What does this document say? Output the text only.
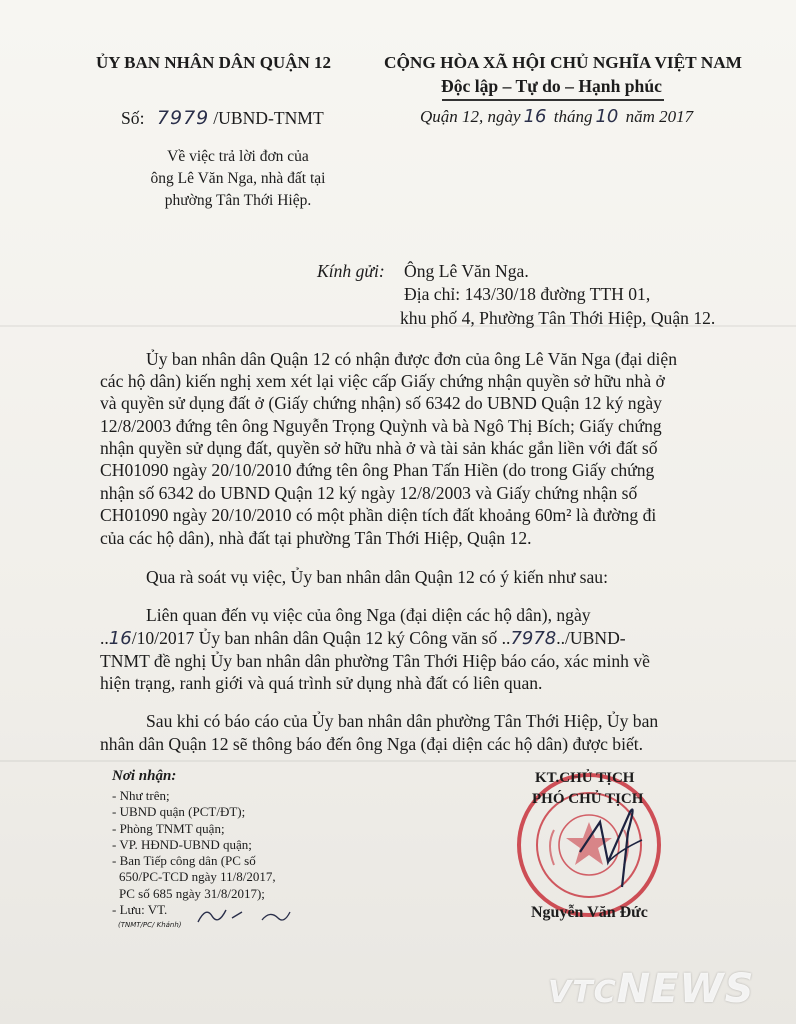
ỦY BAN NHÂN DÂN QUẬN 12
Số: 7979 /UBND-TNMT
Về việc trả lời đơn của
ông Lê Văn Nga, nhà đất tại
phường Tân Thới Hiệp.
CỘNG HÒA XÃ HỘI CHỦ NGHĨA VIỆT NAM
Độc lập – Tự do – Hạnh phúc
Quận 12, ngày 16 tháng 10 năm 2017
Kính gửi: Ông Lê Văn Nga.
Địa chỉ: 143/30/18 đường TTH 01,
khu phố 4, Phường Tân Thới Hiệp, Quận 12.
Ủy ban nhân dân Quận 12 có nhận được đơn của ông Lê Văn Nga (đại diện
các hộ dân) kiến nghị xem xét lại việc cấp Giấy chứng nhận quyền sở hữu nhà ở
và quyền sử dụng đất ở (Giấy chứng nhận) số 6342 do UBND Quận 12 ký ngày
12/8/2003 đứng tên ông Nguyễn Trọng Quỳnh và bà Ngô Thị Bích; Giấy chứng
nhận quyền sử dụng đất, quyền sở hữu nhà ở và tài sản khác gắn liền với đất số
CH01090 ngày 20/10/2010 đứng tên ông Phan Tấn Hiền (do trong Giấy chứng
nhận số 6342 do UBND Quận 12 ký ngày 12/8/2003 và Giấy chứng nhận số
CH01090 ngày 20/10/2010 có một phần diện tích đất khoảng 60m² là đường đi
của các hộ dân), nhà đất tại phường Tân Thới Hiệp, Quận 12.
Qua rà soát vụ việc, Ủy ban nhân dân Quận 12 có ý kiến như sau:
Liên quan đến vụ việc của ông Nga (đại diện các hộ dân), ngày
..16/10/2017 Ủy ban nhân dân Quận 12 ký Công văn số ..7978../UBND-
TNMT đề nghị Ủy ban nhân dân phường Tân Thới Hiệp báo cáo, xác minh về
hiện trạng, ranh giới và quá trình sử dụng nhà đất có liên quan.
Sau khi có báo cáo của Ủy ban nhân dân phường Tân Thới Hiệp, Ủy ban
nhân dân Quận 12 sẽ thông báo đến ông Nga (đại diện các hộ dân) được biết.
Nơi nhận:
- Như trên;
- UBND quận (PCT/ĐT);
- Phòng TNMT quận;
- VP. HĐND-UBND quận;
- Ban Tiếp công dân (PC số
650/PC-TCD ngày 11/8/2017,
PC số 685 ngày 31/8/2017);
- Lưu: VT.
(TNMT/PC/ Khánh)
KT.CHỦ TỊCH
PHÓ CHỦ TỊCH
Nguyễn Văn Đức
VTCNEWS
